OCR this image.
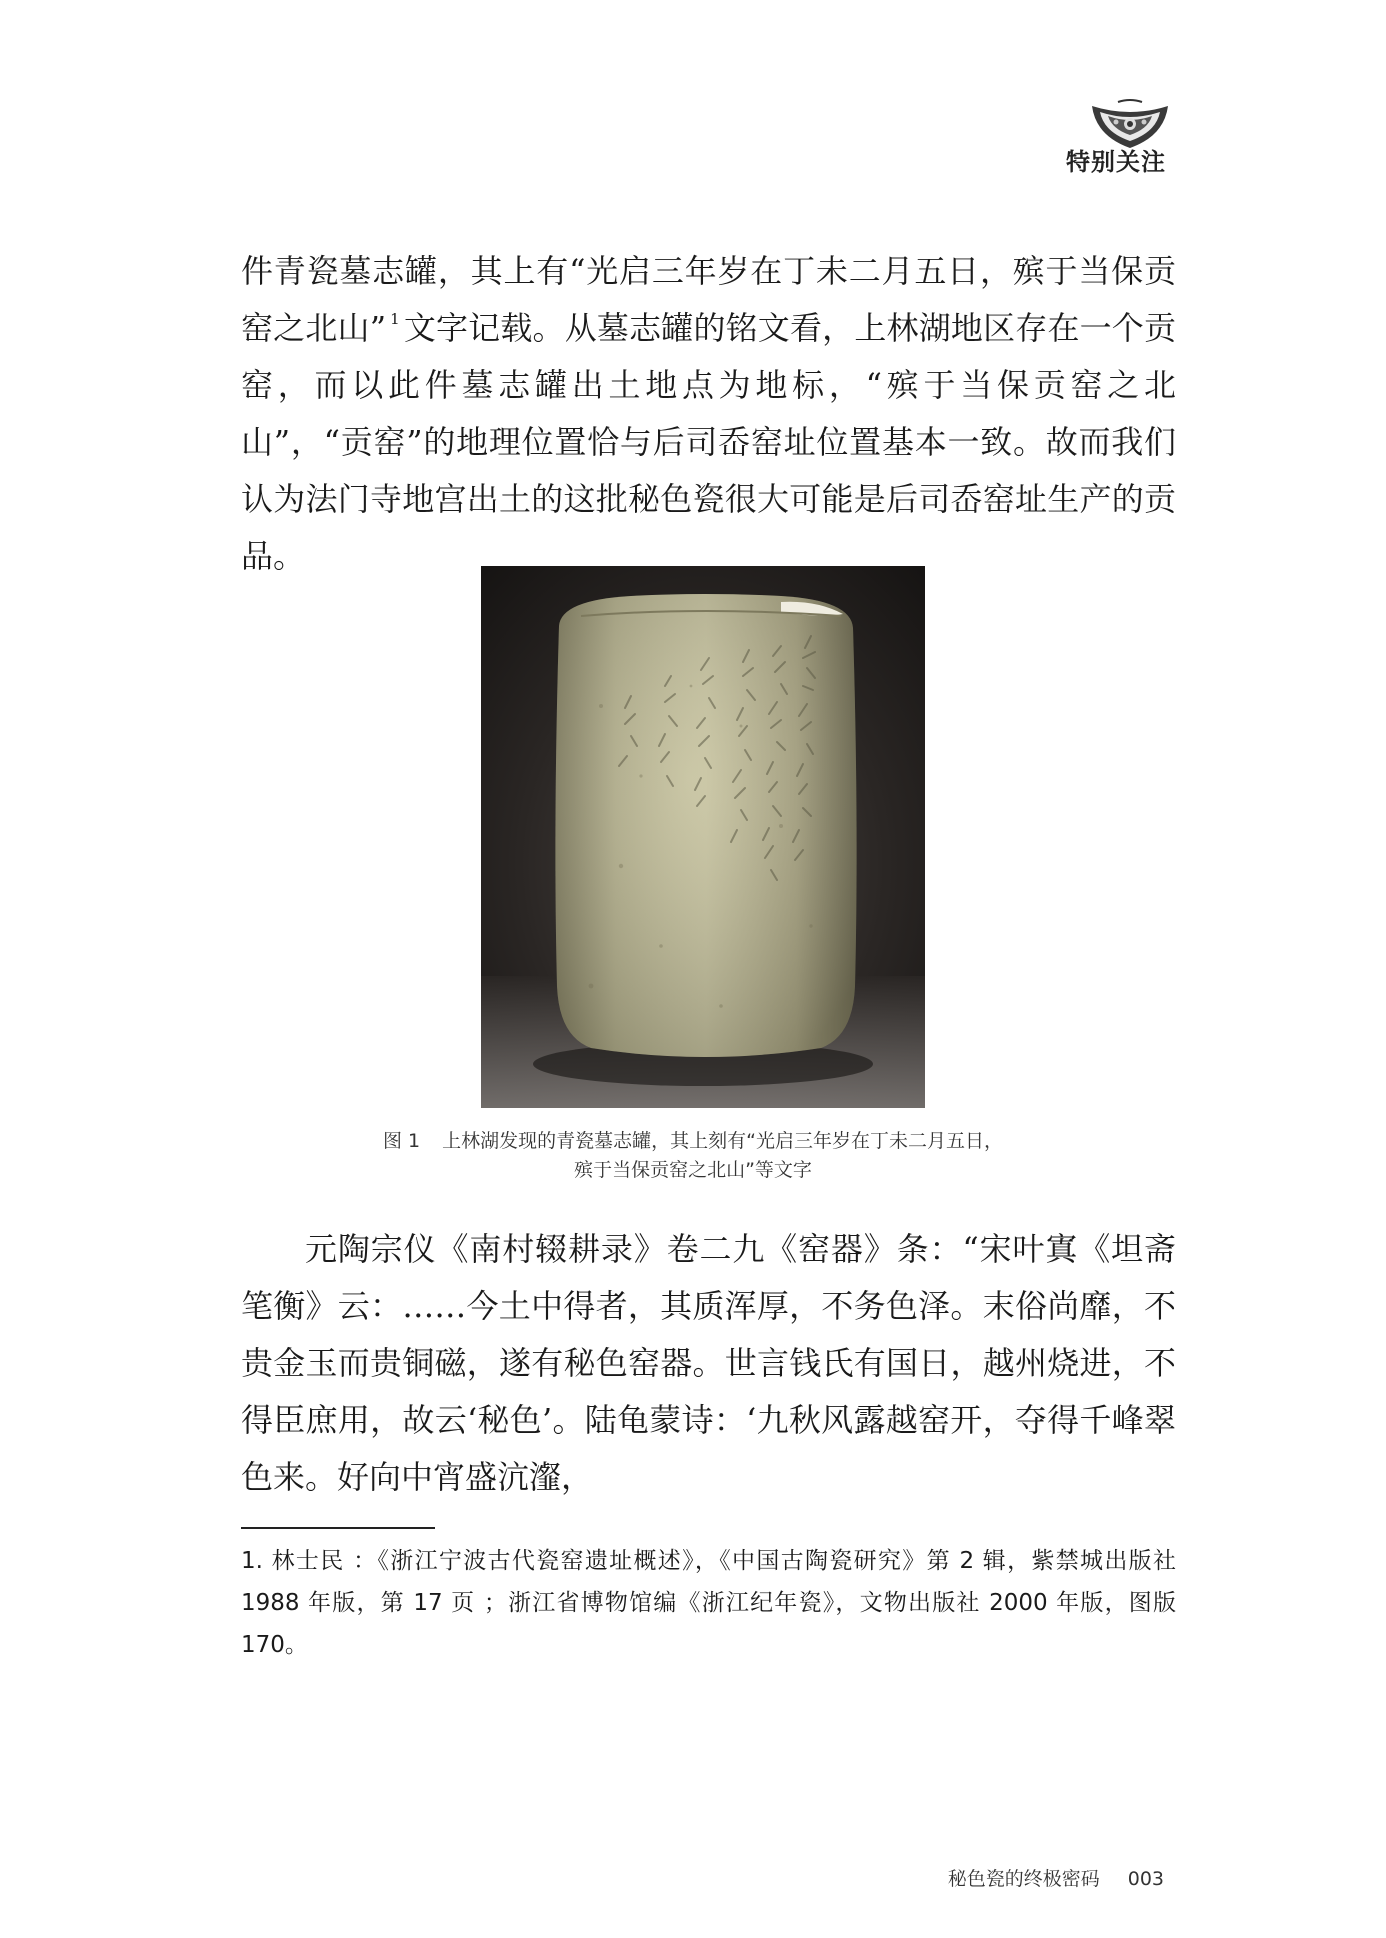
特别关注

件青瓷墓志罐，其上有“光启三年岁在丁未二月五日，殡于当保贡窑之北山” $^1$ 文字记载。从墓志罐的铭文看，上林湖地区存在一个贡窑，而以此件墓志罐出土地点为地标，“殡于当保贡窑之北山”，“贡窑”的地理位置恰与后司岙窑址位置基本一致。故而我们认为法门寺地宫出土的这批秘色瓷很大可能是后司岙窑址生产的贡品。

图 1 上林湖发现的青瓷墓志罐，其上刻有“光启三年岁在丁未二月五日，
殡于当保贡窑之北山”等文字

元陶宗仪《南村辍耕录》卷二九《窑器》条：“宋叶寘《坦斋笔衡》云：……今土中得者，其质浑厚，不务色泽。末俗尚靡，不贵金玉而贵铜磁，遂有秘色窑器。世言钱氏有国日，越州烧进，不得臣庶用，故云‘秘色’。陆龟蒙诗：‘九秋风露越窑开，夺得千峰翠色来。好向中宵盛沆瀣，

1. 林士民 ：《浙江宁波古代瓷窑遗址概述》，《中国古陶瓷研究》第 2 辑，紫禁城出版社 1988 年版，第 17 页 ；浙江省博物馆编《浙江纪年瓷》，文物出版社 2000 年版，图版 170。

秘色瓷的终极密码 003
